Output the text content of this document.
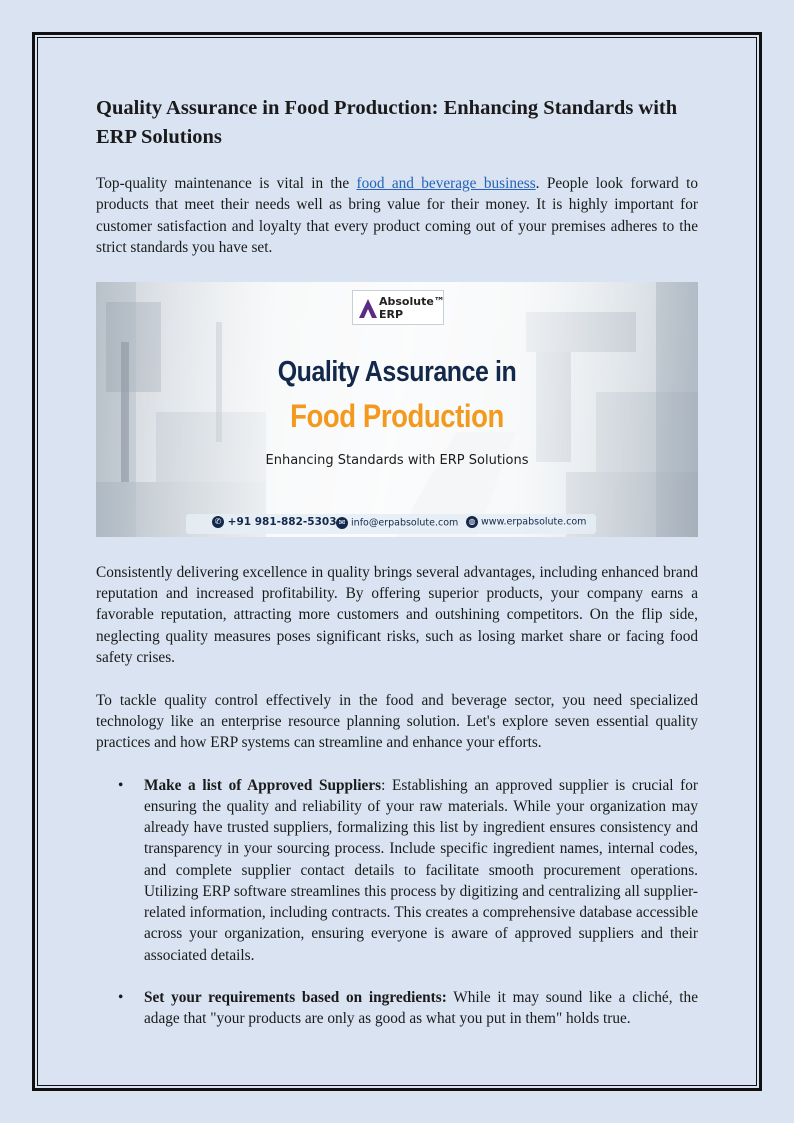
Quality Assurance in Food Production: Enhancing Standards with ERP Solutions

Top-quality maintenance is vital in the food and beverage business. People look forward to products that meet their needs well as bring value for their money. It is highly important for customer satisfaction and loyalty that every product coming out of your premises adheres to the strict standards you have set.

Absolute™
ERP
Quality Assurance in
Food Production
Enhancing Standards with ERP Solutions
✆ +91 981-882-5303 ✉ info@erpabsolute.com	◍ www.erpabsolute.com

Consistently delivering excellence in quality brings several advantages, including enhanced brand reputation and increased profitability. By offering superior products, your company earns a favorable reputation, attracting more customers and outshining competitors. On the flip side, neglecting quality measures poses significant risks, such as losing market share or facing food safety crises.

To tackle quality control effectively in the food and beverage sector, you need specialized technology like an enterprise resource planning solution. Let's explore seven essential quality practices and how ERP systems can streamline and enhance your efforts.

• Make a list of Approved Suppliers: Establishing an approved supplier is crucial for ensuring the quality and reliability of your raw materials. While your organization may already have trusted suppliers, formalizing this list by ingredient ensures consistency and transparency in your sourcing process. Include specific ingredient names, internal codes, and complete supplier contact details to facilitate smooth procurement operations. Utilizing ERP software streamlines this process by digitizing and centralizing all supplier-related information, including contracts. This creates a comprehensive database accessible across your organization, ensuring everyone is aware of approved suppliers and their associated details.
• Set your requirements based on ingredients: While it may sound like a cliché, the adage that "your products are only as good as what you put in them" holds true.
